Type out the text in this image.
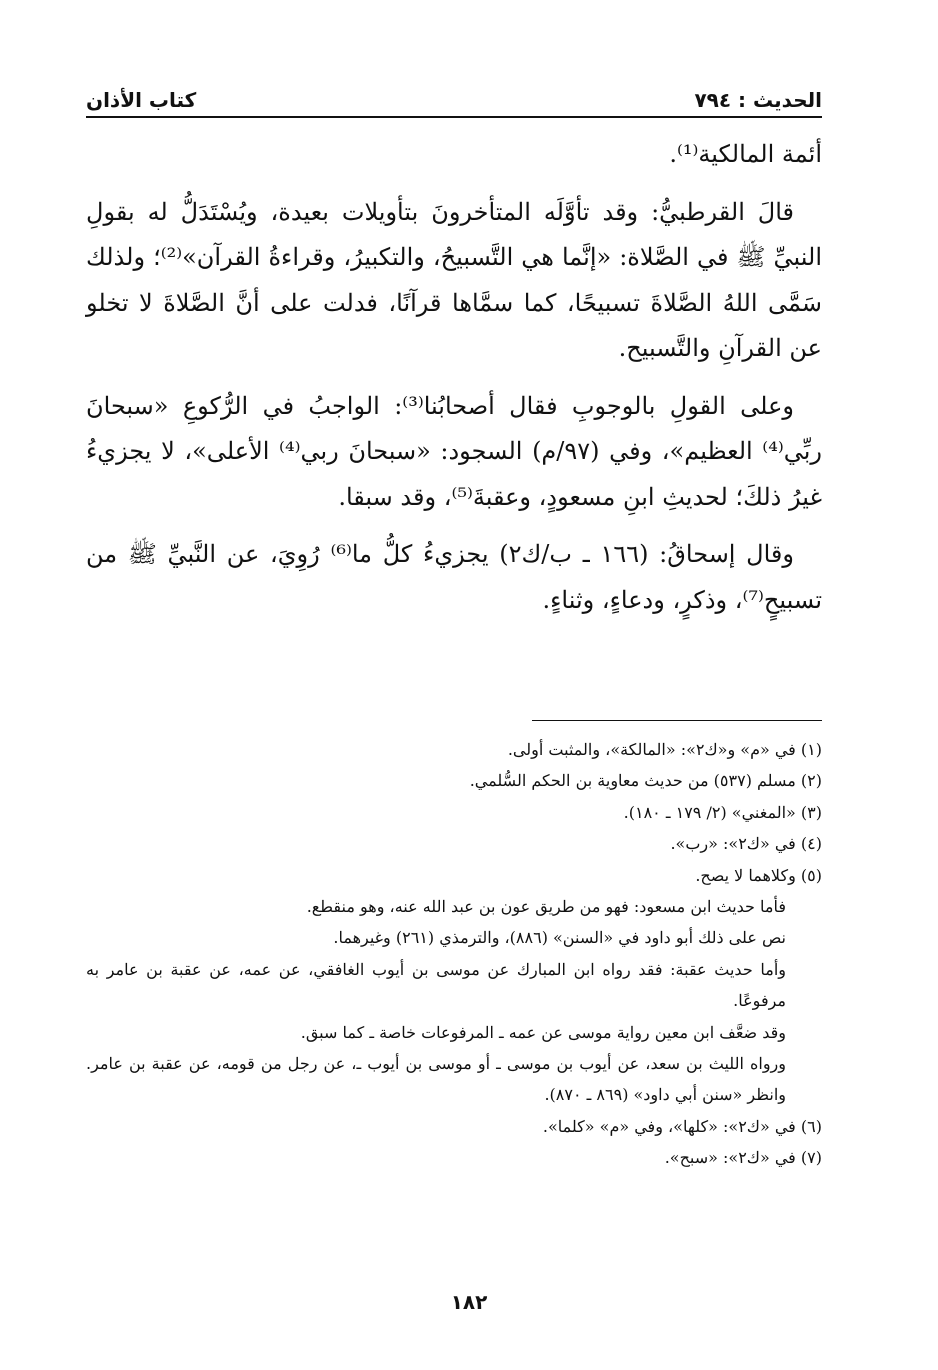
الحديث : ٧٩٤
كتاب الأذان

أئمة المالكية⁽¹⁾.

قالَ القرطبيُّ: وقد تأوَّلَه المتأخرونَ بتأويلات بعيدة، ويُسْتَدَلُّ له بقولِ النبيِّ ﷺ في الصَّلاة: «إنَّما هي التَّسبيحُ، والتكبيرُ، وقراءةُ القرآن»⁽²⁾؛ ولذلك سَمَّى اللهُ الصَّلاةَ تسبيحًا، كما سمَّاها قرآنًا، فدلت على أنَّ الصَّلاةَ لا تخلو عن القرآنِ والتَّسبيح.

وعلى القولِ بالوجوبِ فقال أصحابُنا⁽³⁾: الواجبُ في الرُّكوعِ «سبحانَ ربِّي⁽⁴⁾ العظيم»، وفي (٩٧/م) السجود: «سبحانَ ربي⁽⁴⁾ الأعلى»، لا يجزيءُ غيرُ ذلكَ؛ لحديثِ ابنِ مسعودٍ، وعقبةَ⁽⁵⁾، وقد سبقا.

وقال إسحاقُ: (١٦٦ ـ ب/ك٢) يجزيءُ كلُّ ما⁽⁶⁾ رُوِيَ، عن النَّبيِّ ﷺ من تسبيحٍ⁽⁷⁾، وذكرٍ، ودعاءٍ، وثناءٍ.

(١) في «م» و«ك٢»: «المالكة»، والمثبت أولى.

(٢) مسلم (٥٣٧) من حديث معاوية بن الحكم السُّلمي.

(٣) «المغني» (٢/ ١٧٩ ـ ١٨٠).

(٤) في «ك٢»: «رب».

(٥) وكلاهما لا يصح.

فأما حديث ابن مسعود: فهو من طريق عون بن عبد الله عنه، وهو منقطع.

نص على ذلك أبو داود في «السنن» (٨٨٦)، والترمذي (٢٦١) وغيرهما.

وأما حديث عقبة: فقد رواه ابن المبارك عن موسى بن أيوب الغافقي، عن عمه، عن عقبة بن عامر به مرفوعًا.

وقد ضعَّف ابن معين رواية موسى عن عمه ـ المرفوعات خاصة ـ كما سبق.

ورواه الليث بن سعد، عن أيوب بن موسى ـ أو موسى بن أيوب ـ، عن رجل من قومه، عن عقبة بن عامر. وانظر «سنن أبي داود» (٨٦٩ ـ ٨٧٠).

(٦) في «ك٢»: «كلها»، وفي «م» «كلما».

(٧) في «ك٢»: «سبح».

١٨٢
